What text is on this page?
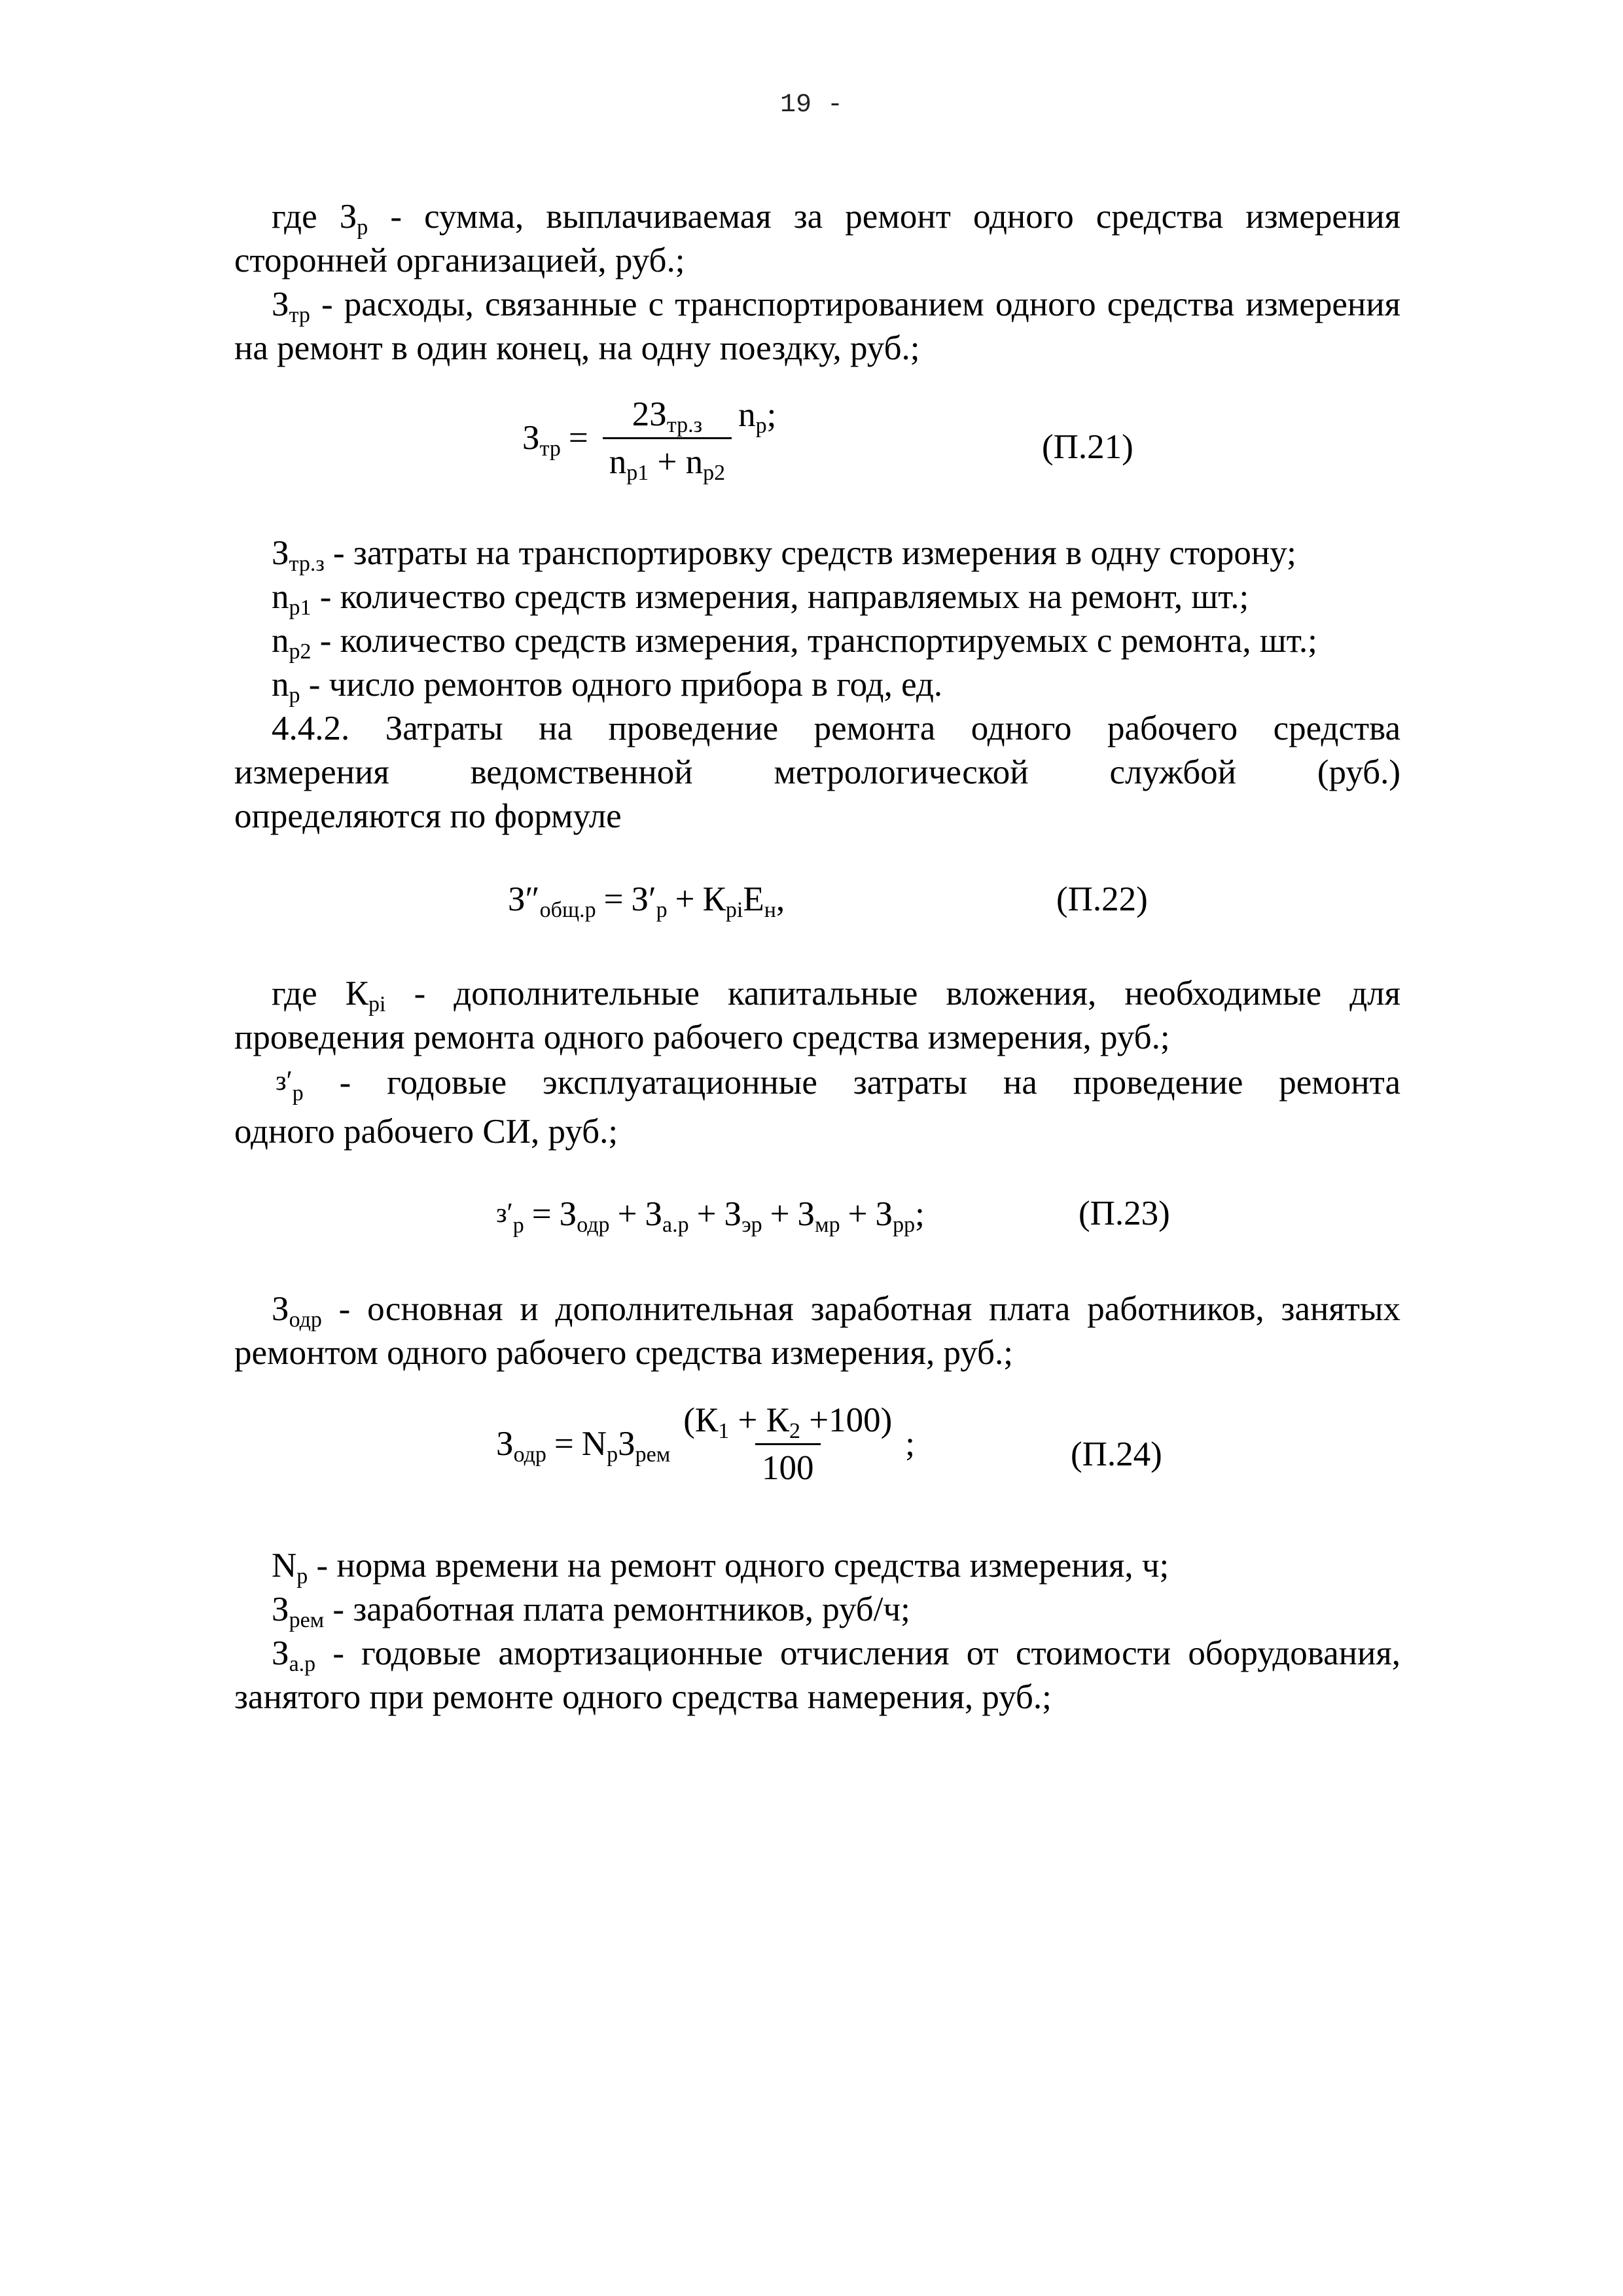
19 -

где $З_р$ - сумма, выплачиваемая за ремонт одного средства измерения сторонней организацией, руб.;

$З_{тр}$ - расходы, связанные с транспортированием одного средства измерения на ремонт в один конец, на одну поездку, руб.;

$З_{тр} = \frac{2З_{тр.з}}{n_{р1} + n_{р2}} n_р$;
(П.21)

$З_{тр.з}$ - затраты на транспортировку средств измерения в одну сторону;

$n_{р1}$ - количество средств измерения, направляемых на ремонт, шт.;

$n_{р2}$ - количество средств измерения, транспортируемых с ремонта, шт.;

$n_р$ - число ремонтов одного прибора в год, ед.

4.4.2. Затраты на проведение ремонта одного рабочего средства

измерения ведомственной метрологической службой (руб.)

определяются по формуле

$З''_{общ.р} = З'_р + К_{рi}Е_н$,	(П.22)

где $К_{рi}$ - дополнительные капитальные вложения, необходимые для проведения ремонта одного рабочего средства измерения, руб.;

$з'_р$ - годовые эксплуатационные затраты на проведение ремонта

одного рабочего СИ, руб.;

$з'_р = З_{одр} + З_{а.р} + З_{эр} + З_{мр} + З_{рр}$;	(П.23)

$З_{одр}$ - основная и дополнительная заработная плата работников, занятых ремонтом одного рабочего средства измерения, руб.;

$З_{одр} = N_рЗ_{рем} \frac{(К_1 + К_2 +100)}{100}$ ;	(П.24)

$N_р$ - норма времени на ремонт одного средства измерения, ч;

$З_{рем}$ - заработная плата ремонтников, руб/ч;

$З_{а.р}$ - годовые амортизационные отчисления от стоимости оборудования, занятого при ремонте одного средства намерения, руб.;
